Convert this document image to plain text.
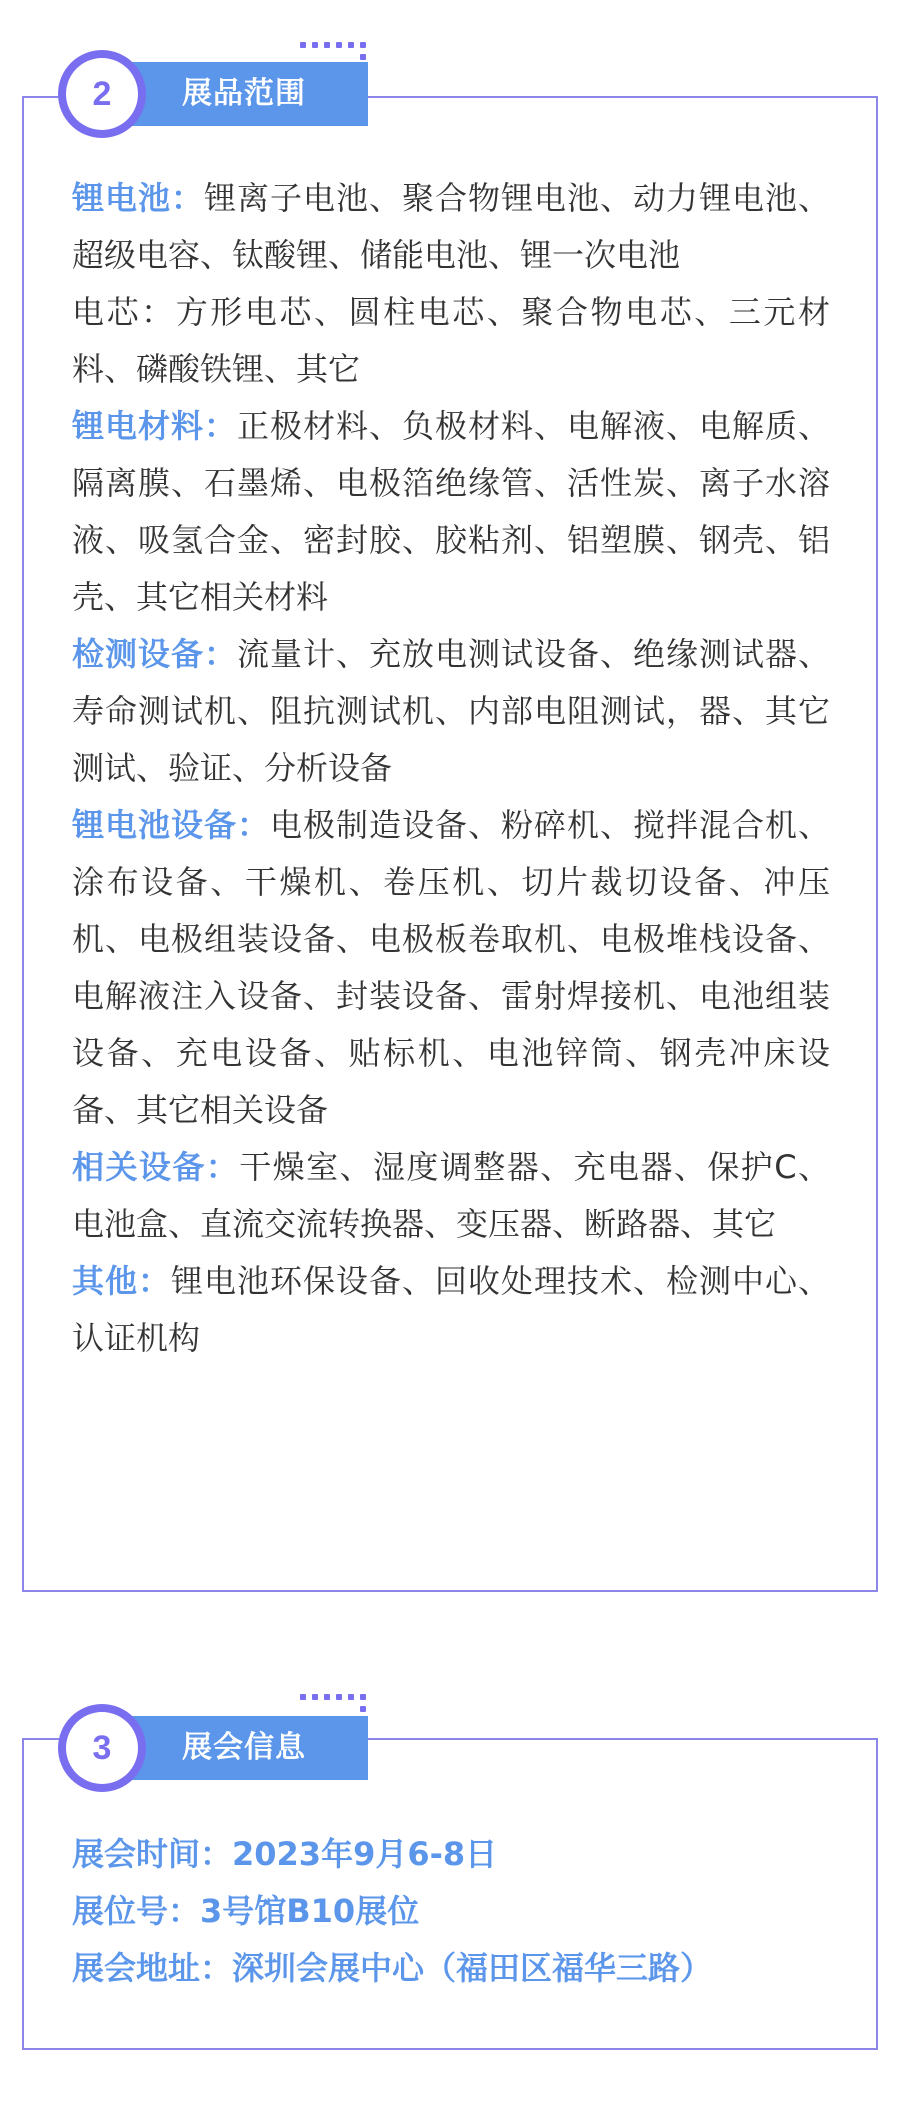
展品范围
2

锂电池：锂离子电池、聚合物锂电池、动力锂电池、超级电容、钛酸锂、储能电池、锂一次电池

电芯：方形电芯、圆柱电芯、聚合物电芯、三元材料、磷酸铁锂、其它

锂电材料：正极材料、负极材料、电解液、电解质、隔离膜、石墨烯、电极箔绝缘管、活性炭、离子水溶液、吸氢合金、密封胶、胶粘剂、铝塑膜、钢壳、铝壳、其它相关材料

检测设备：流量计、充放电测试设备、绝缘测试器、寿命测试机、阻抗测试机、内部电阻测试，器、其它测试、验证、分析设备

锂电池设备：电极制造设备、粉碎机、搅拌混合机、涂布设备、干燥机、卷压机、切片裁切设备、冲压机、电极组装设备、电极板卷取机、电极堆栈设备、电解液注入设备、封装设备、雷射焊接机、电池组装设备、充电设备、贴标机、电池锌筒、钢壳冲床设备、其它相关设备

相关设备：干燥室、湿度调整器、充电器、保护C、电池盒、直流交流转换器、变压器、断路器、其它

其他：锂电池环保设备、回收处理技术、检测中心、认证机构

展会信息
3

展会时间：2023年9月6-8日

展位号：3号馆B10展位

展会地址：深圳会展中心（福田区福华三路）
